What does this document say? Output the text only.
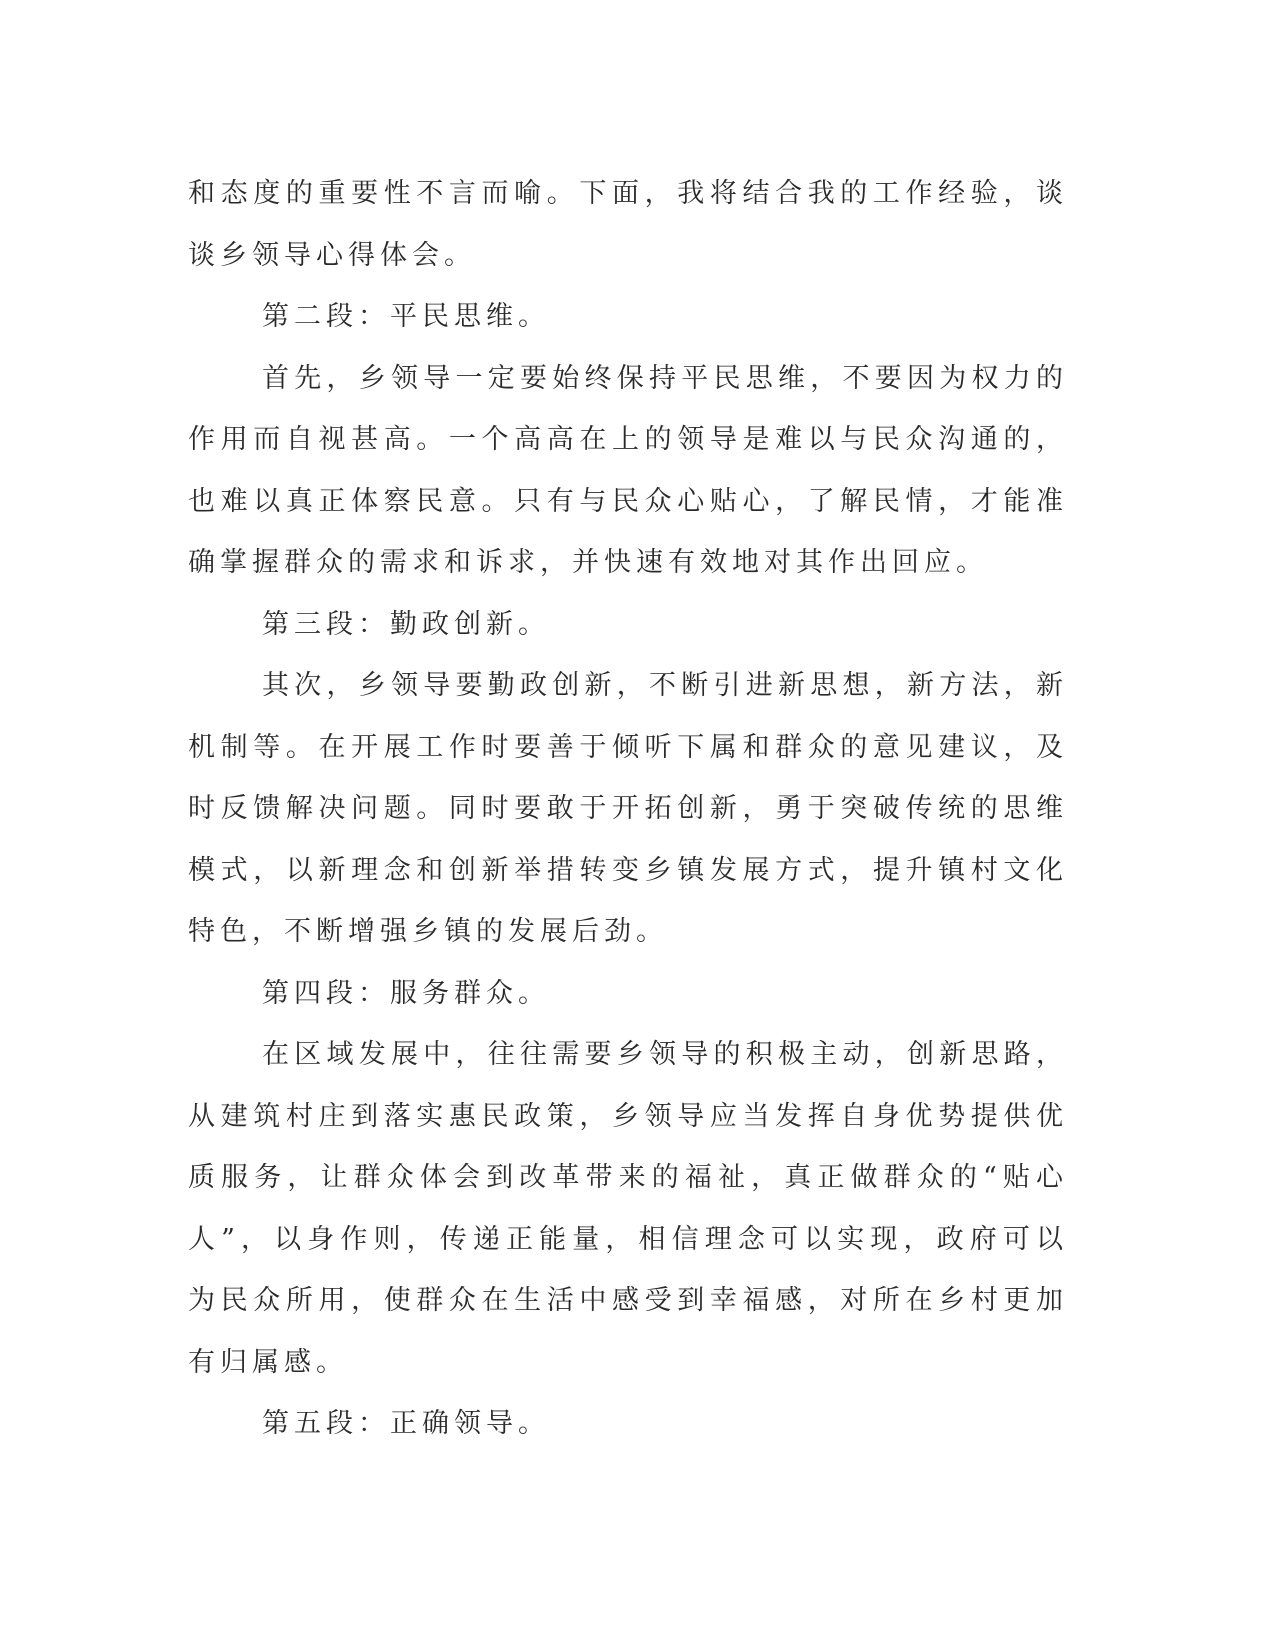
和态度的重要性不言而喻。下面，我将结合我的工作经验，谈谈乡领导心得体会。

第二段：平民思维。

首先，乡领导一定要始终保持平民思维，不要因为权力的作用而自视甚高。一个高高在上的领导是难以与民众沟通的，也难以真正体察民意。只有与民众心贴心，了解民情，才能准确掌握群众的需求和诉求，并快速有效地对其作出回应。

第三段：勤政创新。

其次，乡领导要勤政创新，不断引进新思想，新方法，新机制等。在开展工作时要善于倾听下属和群众的意见建议，及时反馈解决问题。同时要敢于开拓创新，勇于突破传统的思维模式，以新理念和创新举措转变乡镇发展方式，提升镇村文化特色，不断增强乡镇的发展后劲。

第四段：服务群众。

在区域发展中，往往需要乡领导的积极主动，创新思路，从建筑村庄到落实惠民政策，乡领导应当发挥自身优势提供优质服务，让群众体会到改革带来的福祉，真正做群众的“贴心人”，以身作则，传递正能量，相信理念可以实现，政府可以为民众所用，使群众在生活中感受到幸福感，对所在乡村更加有归属感。

第五段：正确领导。
